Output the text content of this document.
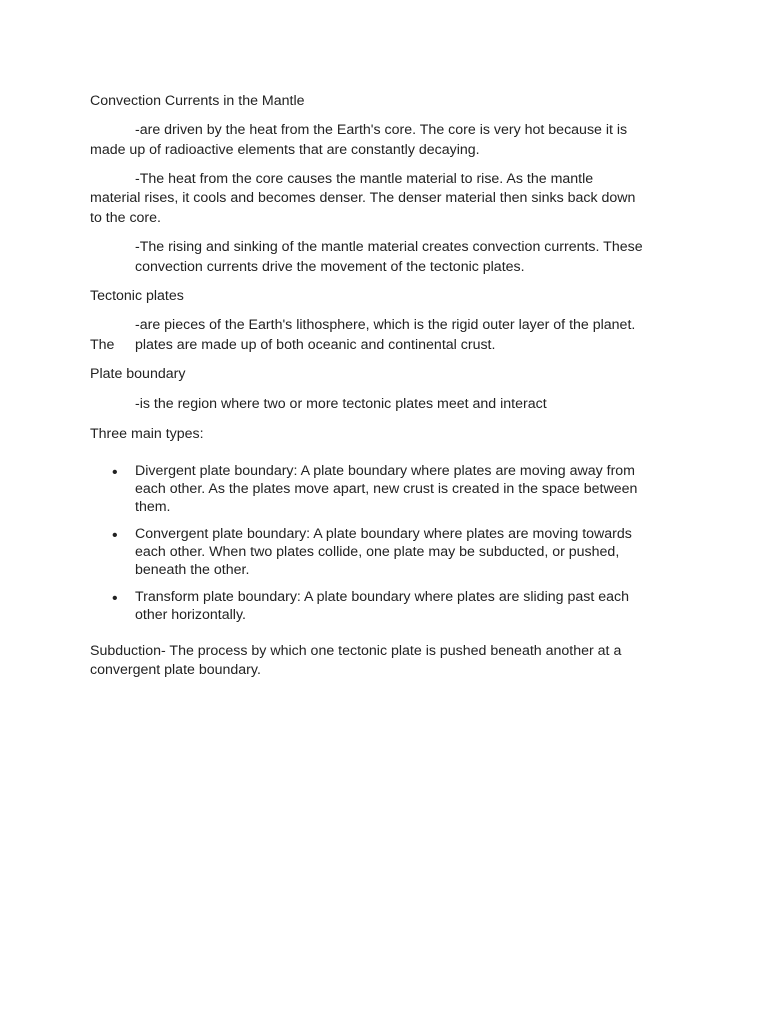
Convection Currents in the Mantle
-are driven by the heat from the Earth's core. The core is very hot because it is
made up of radioactive elements that are constantly decaying.
-The heat from the core causes the mantle material to rise. As the mantle
material rises, it cools and becomes denser. The denser material then sinks back down
to the core.
-The rising and sinking of the mantle material creates convection currents. These
convection currents drive the movement of the tectonic plates.
Tectonic plates
-are pieces of the Earth's lithosphere, which is the rigid outer layer of the planet.
The plates are made up of both oceanic and continental crust.
Plate boundary
-is the region where two or more tectonic plates meet and interact
Three main types:
• Divergent plate boundary: A plate boundary where plates are moving away from
each other. As the plates move apart, new crust is created in the space between
them.
• Convergent plate boundary: A plate boundary where plates are moving towards
each other. When two plates collide, one plate may be subducted, or pushed,
beneath the other.
• Transform plate boundary: A plate boundary where plates are sliding past each
other horizontally.
Subduction- The process by which one tectonic plate is pushed beneath another at a
convergent plate boundary.
